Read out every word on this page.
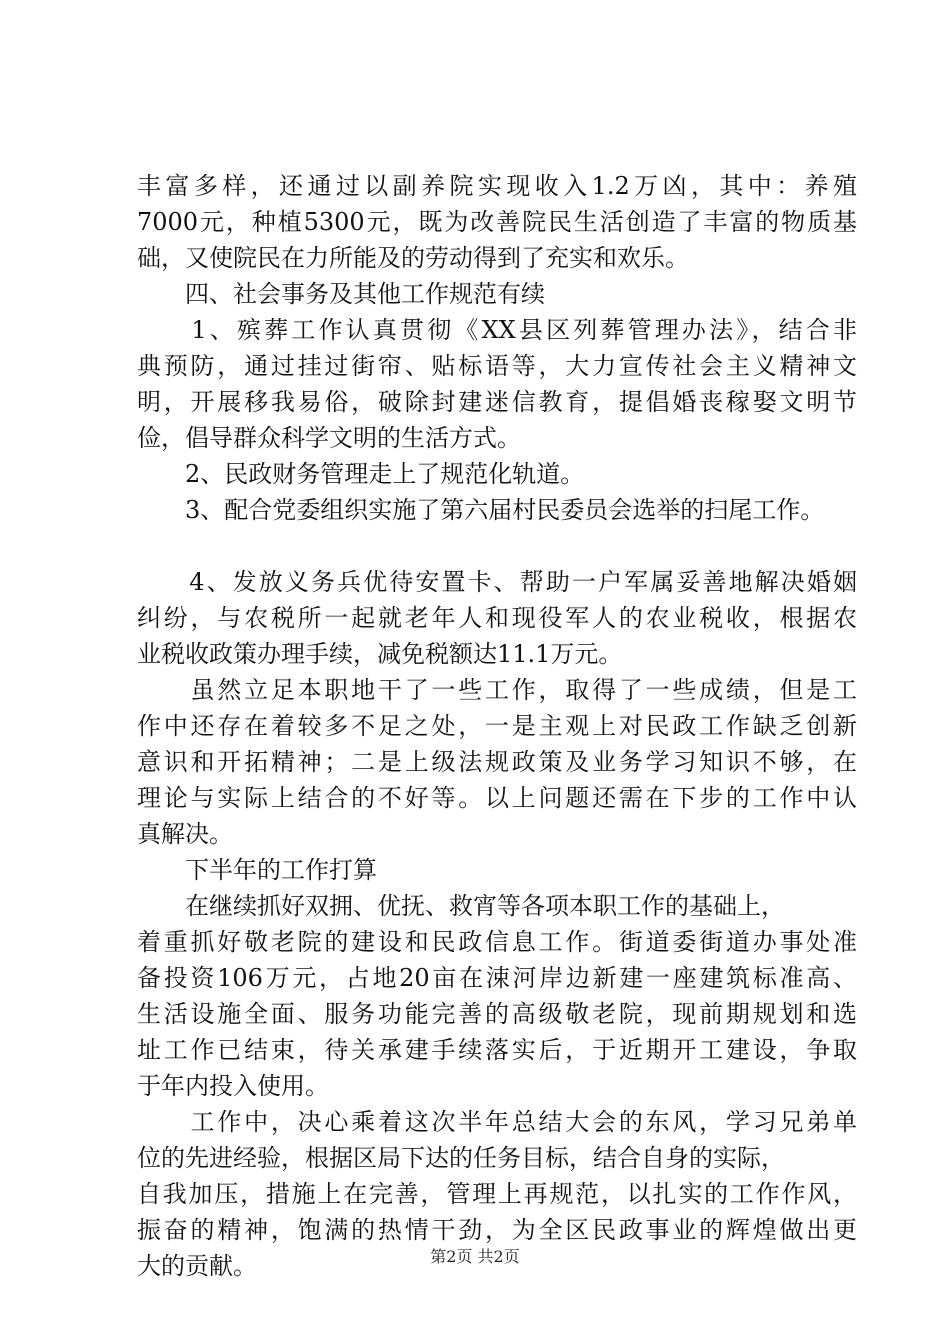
丰富多样，还通过以副养院实现收入1.2万凶，其中：养殖
7000元，种植5300元，既为改善院民生活创造了丰富的物质基
础，又使院民在力所能及的劳动得到了充实和欢乐。
　　四、社会事务及其他工作规范有续
　　1、殡葬工作认真贯彻《XX县区列葬管理办法》，结合非
典预防，通过挂过街帘、贴标语等，大力宣传社会主义精神文
明，开展移我易俗，破除封建迷信教育，提倡婚丧稼娶文明节
俭，倡导群众科学文明的生活方式。
　　2、民政财务管理走上了规范化轨道。
　　3、配合党委组织实施了第六届村民委员会选举的扫尾工作。
　　4、发放义务兵优待安置卡、帮助一户军属妥善地解决婚姻
纠纷，与农税所一起就老年人和现役军人的农业税收，根据农
业税收政策办理手续，减免税额达11.1万元。
　　虽然立足本职地干了一些工作，取得了一些成绩，但是工
作中还存在着较多不足之处，一是主观上对民政工作缺乏创新
意识和开拓精神；二是上级法规政策及业务学习知识不够，在
理论与实际上结合的不好等。以上问题还需在下步的工作中认
真解决。
　　下半年的工作打算
　　在继续抓好双拥、优抚、救宵等各项本职工作的基础上，
着重抓好敬老院的建设和民政信息工作。街道委街道办事处准
备投资106万元，占地20亩在涑河岸边新建一座建筑标准高、
生活设施全面、服务功能完善的高级敬老院，现前期规划和选
址工作已结束，待关承建手续落实后，于近期开工建设，争取
于年内投入使用。
　　工作中，决心乘着这次半年总结大会的东风，学习兄弟单
位的先进经验，根据区局下达的任务目标，结合自身的实际，
自我加压，措施上在完善，管理上再规范，以扎实的工作作风，
振奋的精神，饱满的热情干劲，为全区民政事业的辉煌做出更
大的贡献。	第2页 共2页
